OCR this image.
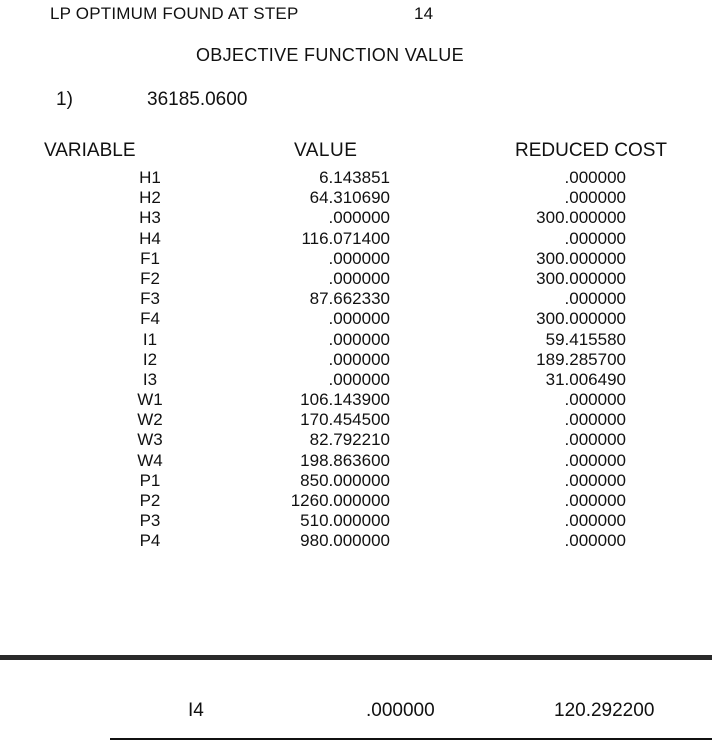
LP OPTIMUM FOUND AT STEP	14
OBJECTIVE FUNCTION VALUE
1)	36185.0600
VARIABLE	VALUE	REDUCED COST
H1	6.143851	.000000
H2	64.310690	.000000
H3	.000000	300.000000
H4	116.071400	.000000
F1	.000000	300.000000
F2	.000000	300.000000
F3	87.662330	.000000
F4	.000000	300.000000
I1	.000000	59.415580
I2	.000000	189.285700
I3	.000000	31.006490
W1	106.143900	.000000
W2	170.454500	.000000
W3	82.792210	.000000
W4	198.863600	.000000
P1	850.000000	.000000
P2	1260.000000	.000000
P3	510.000000	.000000
P4	980.000000	.000000
I4	.000000	120.292200
